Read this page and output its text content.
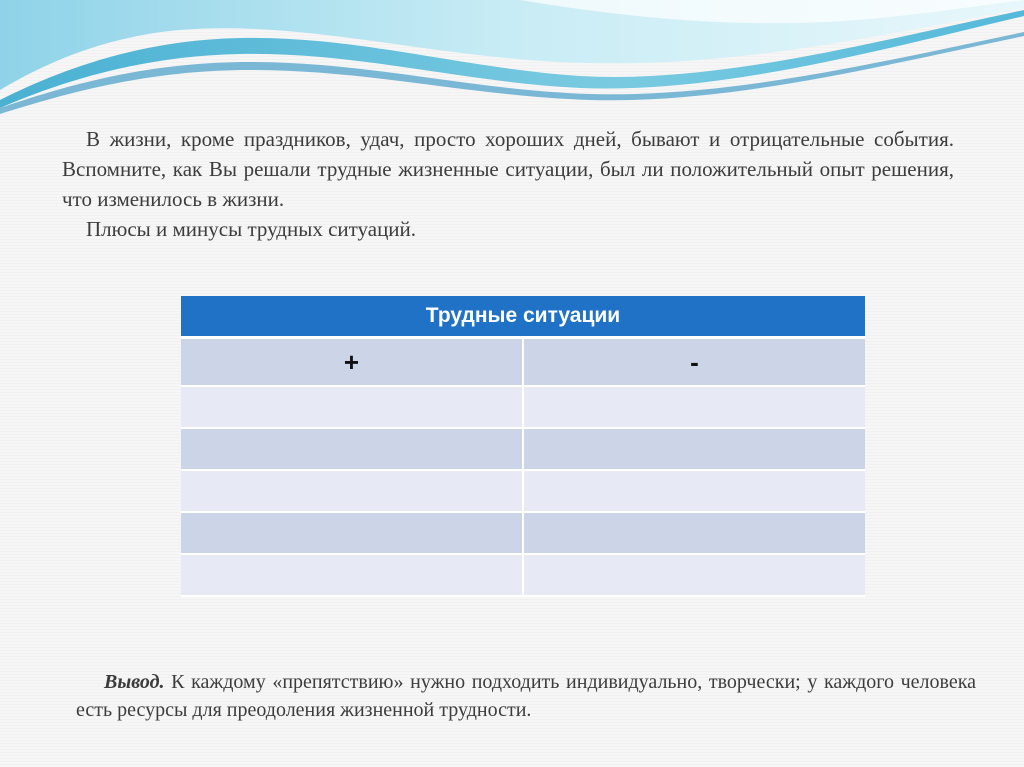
В жизни, кроме праздников, удач, просто хороших дней, бывают и отрицательные события. Вспомните, как Вы решали трудные жизненные ситуации, был ли положительный опыт решения, что изменилось в жизни.

Плюсы и минусы трудных ситуаций.

Трудные ситуации	
+	-

Вывод. К каждому «препятствию» нужно подходить индивидуально, творчески; у каждого человека есть ресурсы для преодоления жизненной трудности.
